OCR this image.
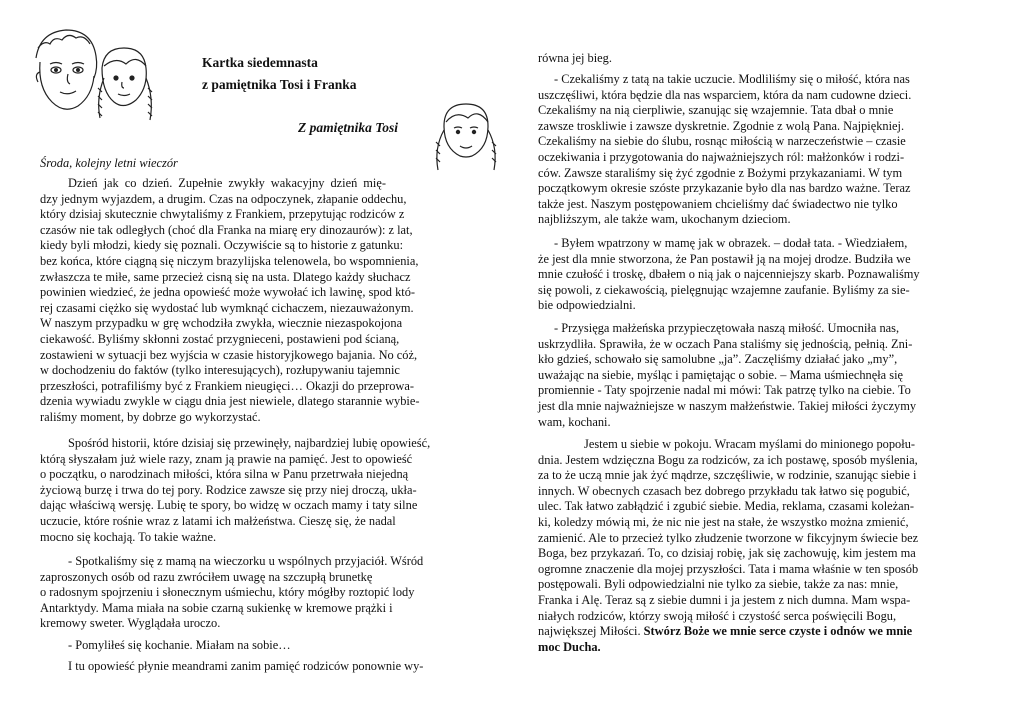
Kartka siedemnasta
z pamiętnika Tosi i Franka
Z pamiętnika Tosi
Środa, kolejny letni wieczór
Dzień jak co dzień. Zupełnie zwykły wakacyjny dzień mię-
dzy jednym wyjazdem, a drugim. Czas na odpoczynek, złapanie oddechu,
który dzisiaj skutecznie chwytaliśmy z Frankiem, przepytując rodziców z
czasów nie tak odległych (choć dla Franka na miarę ery dinozaurów): z lat,
kiedy byli młodzi, kiedy się poznali. Oczywiście są to historie z gatunku:
bez końca, które ciągną się niczym brazylijska telenowela, bo wspomnienia,
zwłaszcza te miłe, same przecież cisną się na usta. Dlatego każdy słuchacz
powinien wiedzieć, że jedna opowieść może wywołać ich lawinę, spod któ-
rej czasami ciężko się wydostać lub wymknąć cichaczem, niezauważonym.
W naszym przypadku w grę wchodziła zwykła, wiecznie niezaspokojona
ciekawość. Byliśmy skłonni zostać przygnieceni, postawieni pod ścianą,
zostawieni w sytuacji bez wyjścia w czasie historyjkowego bajania. No cóż,
w dochodzeniu do faktów (tylko interesujących), rozłupywaniu tajemnic
przeszłości, potrafiliśmy być z Frankiem nieugięci… Okazji do przeprowa-
dzenia wywiadu zwykle w ciągu dnia jest niewiele, dlatego starannie wybie-
raliśmy moment, by dobrze go wykorzystać.
Spośród historii, które dzisiaj się przewinęły, najbardziej lubię opowieść,
którą słyszałam już wiele razy, znam ją prawie na pamięć. Jest to opowieść
o początku, o narodzinach miłości, która silna w Panu przetrwała niejedną
życiową burzę i trwa do tej pory. Rodzice zawsze się przy niej droczą, ukła-
dając właściwą wersję. Lubię te spory, bo widzę w oczach mamy i taty silne
uczucie, które rośnie wraz z latami ich małżeństwa. Cieszę się, że nadal
mocno się kochają. To takie ważne.
- Spotkaliśmy się z mamą na wieczorku u wspólnych przyjaciół. Wśród
zaproszonych osób od razu zwróciłem uwagę na szczupłą brunetkę
o radosnym spojrzeniu i słonecznym uśmiechu, który mógłby roztopić lody
Antarktydy. Mama miała na sobie czarną sukienkę w kremowe prążki i
kremowy sweter. Wyglądała uroczo.
- Pomyliłeś się kochanie. Miałam na sobie…
I tu opowieść płynie meandrami zanim pamięć rodziców ponownie wy-
równa jej bieg.
- Czekaliśmy z tatą na takie uczucie. Modliliśmy się o miłość, która nas
uszczęśliwi, która będzie dla nas wsparciem, która da nam cudowne dzieci.
Czekaliśmy na nią cierpliwie, szanując się wzajemnie. Tata dbał o mnie
zawsze troskliwie i zawsze dyskretnie. Zgodnie z wolą Pana. Najpiękniej.
Czekaliśmy na siebie do ślubu, rosnąc miłością w narzeczeństwie – czasie
oczekiwania i przygotowania do najważniejszych ról: małżonków i rodzi-
ców. Zawsze staraliśmy się żyć zgodnie z Bożymi przykazaniami. W tym
początkowym okresie szóste przykazanie było dla nas bardzo ważne. Teraz
także jest. Naszym postępowaniem chcieliśmy dać świadectwo nie tylko
najbliższym, ale także wam, ukochanym dzieciom.
- Byłem wpatrzony w mamę jak w obrazek. – dodał tata. - Wiedziałem,
że jest dla mnie stworzona, że Pan postawił ją na mojej drodze. Budziła we
mnie czułość i troskę, dbałem o nią jak o najcenniejszy skarb. Poznawaliśmy
się powoli, z ciekawością, pielęgnując wzajemne zaufanie. Byliśmy za sie-
bie odpowiedzialni.
- Przysięga małżeńska przypieczętowała naszą miłość. Umocniła nas,
uskrzydliła. Sprawiła, że w oczach Pana staliśmy się jednością, pełnią. Zni-
kło gdzieś, schowało się samolubne „ja”. Zaczęliśmy działać jako „my”,
uważając na siebie, myśląc i pamiętając o sobie. – Mama uśmiechnęła się
promiennie - Taty spojrzenie nadal mi mówi: Tak patrzę tylko na ciebie. To
jest dla mnie najważniejsze w naszym małżeństwie. Takiej miłości życzymy
wam, kochani.
Jestem u siebie w pokoju. Wracam myślami do minionego popołu-
dnia. Jestem wdzięczna Bogu za rodziców, za ich postawę, sposób myślenia,
za to że uczą mnie jak żyć mądrze, szczęśliwie, w rodzinie, szanując siebie i
innych. W obecnych czasach bez dobrego przykładu tak łatwo się pogubić,
ulec. Tak łatwo zabłądzić i zgubić siebie. Media, reklama, czasami koleżan-
ki, koledzy mówią mi, że nic nie jest na stałe, że wszystko można zmienić,
zamienić. Ale to przecież tylko złudzenie tworzone w fikcyjnym świecie bez
Boga, bez przykazań. To, co dzisiaj robię, jak się zachowuję, kim jestem ma
ogromne znaczenie dla mojej przyszłości. Tata i mama właśnie w ten sposób
postępowali. Byli odpowiedzialni nie tylko za siebie, także za nas: mnie,
Franka i Alę. Teraz są z siebie dumni i ja jestem z nich dumna. Mam wspa-
niałych rodziców, którzy swoją miłość i czystość serca poświęcili Bogu,
największej Miłości. Stwórz Boże we mnie serce czyste i odnów we mnie
moc Ducha.
